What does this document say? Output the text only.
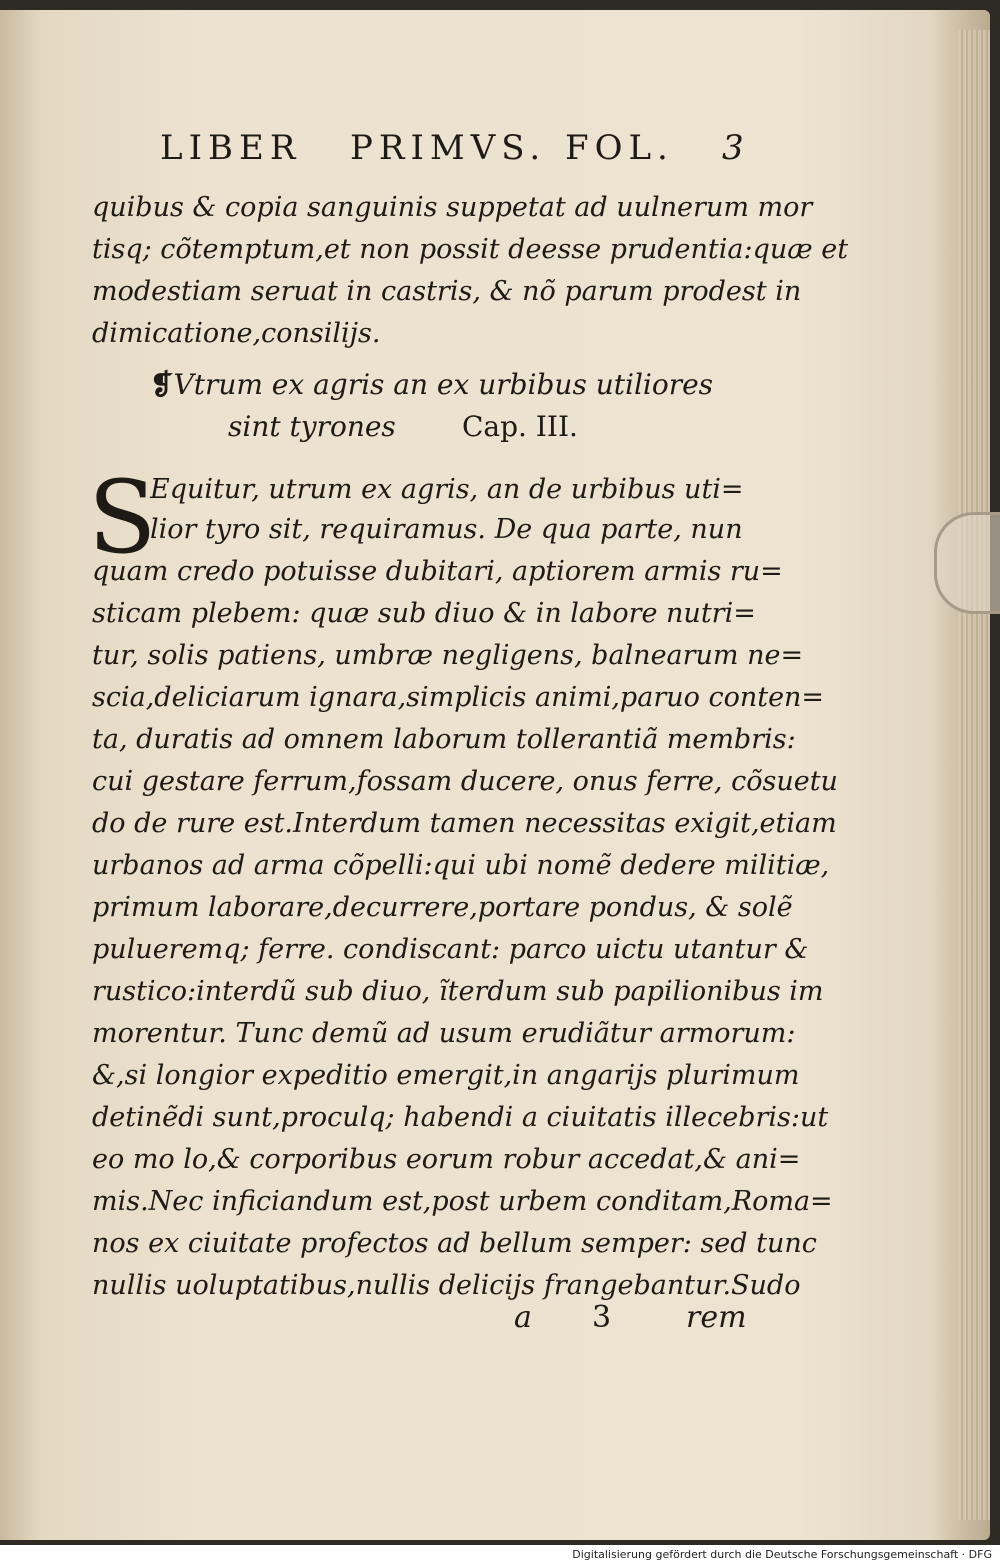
LIBER PRIMVS. FOL. 3
quibus & copia sanguinis suppetat ad uulnerum mor
tisq; cõtemptum,et non possit deesse prudentia:quæ et
modestiam seruat in castris, & nõ parum prodest in
dimicatione,consilijs.
❡Vtrum ex agris an ex urbibus utiliores
sint tyrones Cap. III.
S
Equitur, utrum ex agris, an de urbibus uti=
lior tyro sit, requiramus. De qua parte, nun
quam credo potuisse dubitari, aptiorem armis ru=
sticam plebem: quæ sub diuo & in labore nutri=
tur, solis patiens, umbræ negligens, balnearum ne=
scia,deliciarum ignara,simplicis animi,paruo conten=
ta, duratis ad omnem laborum tollerantiã membris:
cui gestare ferrum,fossam ducere, onus ferre, cõsuetu
do de rure est.Interdum tamen necessitas exigit,etiam
urbanos ad arma cõpelli:qui ubi nomẽ dedere militiæ,
primum laborare,decurrere,portare pondus, & solẽ
pulueremq; ferre. condiscant: parco uictu utantur &
rustico:interdũ sub diuo, ĩterdum sub papilionibus im
morentur. Tunc demũ ad usum erudiãtur armorum:
&,si longior expeditio emergit,in angarijs plurimum
detinẽdi sunt,proculq; habendi a ciuitatis illecebris:ut
eo mo lo,& corporibus eorum robur accedat,& ani=
mis.Nec inficiandum est,post urbem conditam,Roma=
nos ex ciuitate profectos ad bellum semper: sed tunc
nullis uoluptatibus,nullis delicijs frangebantur.Sudo
a 3 rem
Digitalisierung gefördert durch die Deutsche Forschungsgemeinschaft · DFG
